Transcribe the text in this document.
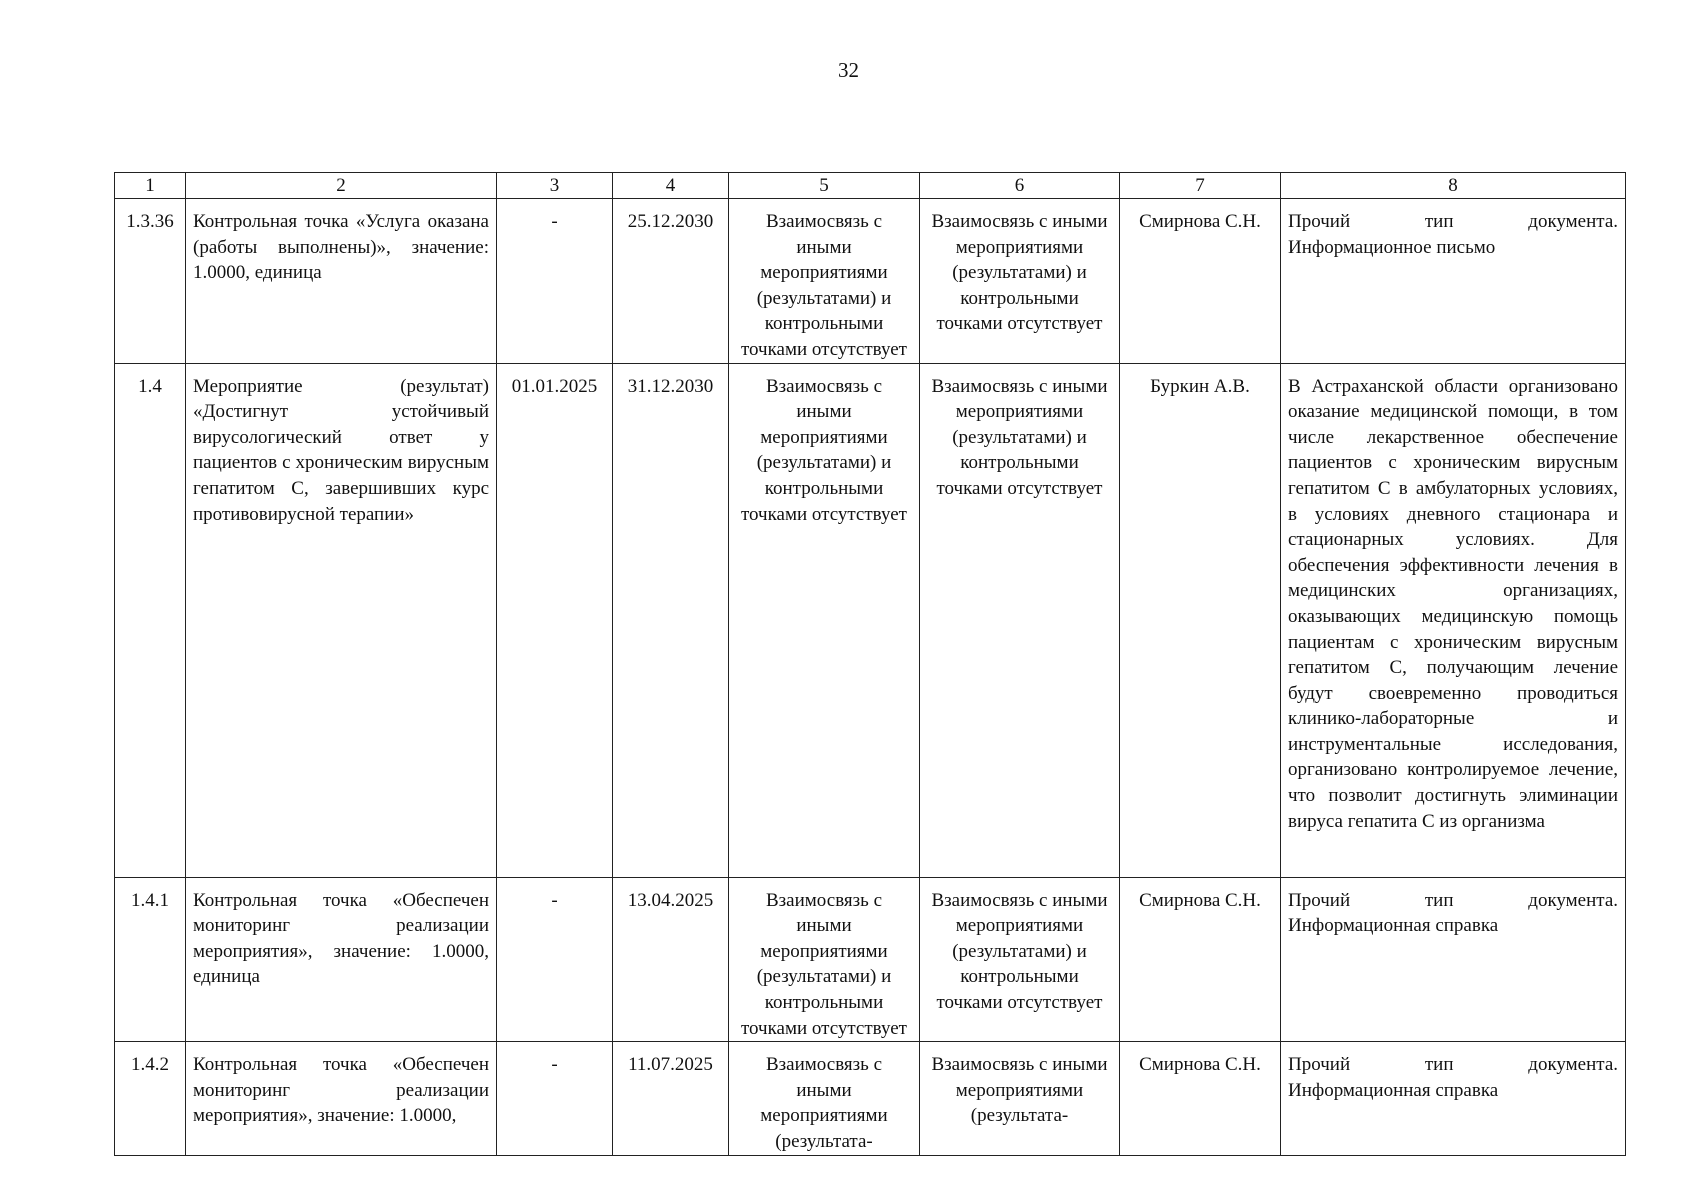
32
1	2	3	4	5	6	7	8
1.3.36	Контрольная точка «Услуга оказана (работы выполнены)», значение: 1.0000, единица	-	25.12.2030	Взаимосвязь с иными мероприятиями (результатами) и контрольными точками отсутствует	Взаимосвязь с иными мероприятиями (результатами) и контрольными точками отсутствует	Смирнова С.Н.	Прочий тип документа. Информационное письмо
1.4	Мероприятие (результат) «Достигнут устойчивый вирусологический ответ у пациентов с хроническим вирусным гепатитом С, завершивших курс противовирусной терапии»	01.01.2025	31.12.2030	Взаимосвязь с иными мероприятиями (результатами) и контрольными точками отсутствует	Взаимосвязь с иными мероприятиями (результатами) и контрольными точками отсутствует	Буркин А.В.	В Астраханской области организовано оказание медицинской помощи, в том числе лекарственное обеспечение пациентов с хроническим вирусным гепатитом С в амбулаторных условиях, в условиях дневного стационара и стационарных условиях. Для обеспечения эффективности лечения в медицинских организациях, оказывающих медицинскую помощь пациентам с хроническим вирусным гепатитом С, получающим лечение будут своевременно проводиться клинико-лабораторные и инструментальные исследования, организовано контролируемое лечение, что позволит достигнуть элиминации вируса гепатита С из организма
1.4.1	Контрольная точка «Обеспечен мониторинг реализации мероприятия», значение: 1.0000, единица	-	13.04.2025	Взаимосвязь с иными мероприятиями (результатами) и контрольными точками отсутствует	Взаимосвязь с иными мероприятиями (результатами) и контрольными точками отсутствует	Смирнова С.Н.	Прочий тип документа. Информационная справка
1.4.2	Контрольная точка «Обеспечен мониторинг реализации мероприятия», значение: 1.0000,	-	11.07.2025	Взаимосвязь с иными мероприятиями (результата-	Взаимосвязь с иными мероприятиями (результата-	Смирнова С.Н.	Прочий тип документа. Информационная справка
